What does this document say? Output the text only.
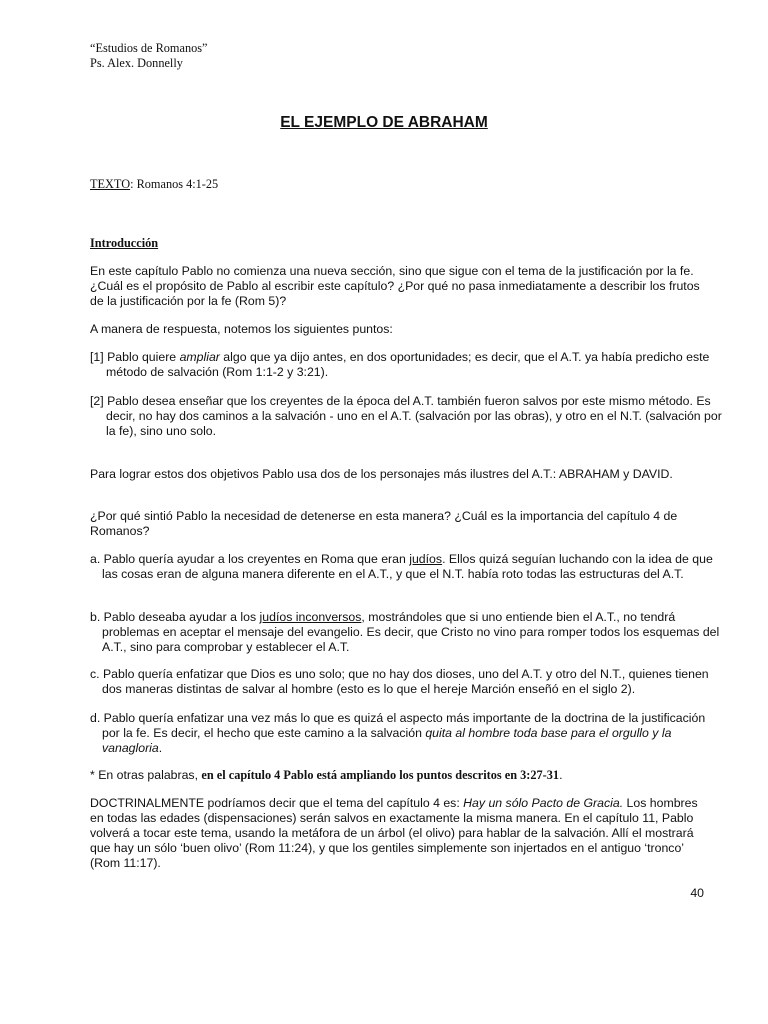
“Estudios de Romanos”
Ps. Alex. Donnelly
EL EJEMPLO DE ABRAHAM
TEXTO: Romanos 4:1-25
Introducción

En este capítulo Pablo no comienza una nueva sección, sino que sigue con el tema de la justificación por la fe. ¿Cuál es el propósito de Pablo al escribir este capítulo? ¿Por qué no pasa inmediatamente a describir los frutos de la justificación por la fe (Rom 5)?

A manera de respuesta, notemos los siguientes puntos:

[1] Pablo quiere ampliar algo que ya dijo antes, en dos oportunidades; es decir, que el A.T. ya había predicho este método de salvación (Rom 1:1-2 y 3:21).

[2] Pablo desea enseñar que los creyentes de la época del A.T. también fueron salvos por este mismo método. Es decir, no hay dos caminos a la salvación - uno en el A.T. (salvación por las obras), y otro en el N.T. (salvación por la fe), sino uno solo.

Para lograr estos dos objetivos Pablo usa dos de los personajes más ilustres del A.T.: ABRAHAM y DAVID.

¿Por qué sintió Pablo la necesidad de detenerse en esta manera? ¿Cuál es la importancia del capítulo 4 de Romanos?

a. Pablo quería ayudar a los creyentes en Roma que eran judíos. Ellos quizá seguían luchando con la idea de que las cosas eran de alguna manera diferente en el A.T., y que el N.T. había roto todas las estructuras del A.T.

b. Pablo deseaba ayudar a los judíos inconversos, mostrándoles que si uno entiende bien el A.T., no tendrá problemas en aceptar el mensaje del evangelio. Es decir, que Cristo no vino para romper todos los esquemas del A.T., sino para comprobar y establecer el A.T.

c. Pablo quería enfatizar que Dios es uno solo; que no hay dos dioses, uno del A.T. y otro del N.T., quienes tienen dos maneras distintas de salvar al hombre (esto es lo que el hereje Marción enseñó en el siglo 2).

d. Pablo quería enfatizar una vez más lo que es quizá el aspecto más importante de la doctrina de la justificación por la fe. Es decir, el hecho que este camino a la salvación quita al hombre toda base para el orgullo y la vanagloria.

* En otras palabras, en el capítulo 4 Pablo está ampliando los puntos descritos en 3:27-31.

DOCTRINALMENTE podríamos decir que el tema del capítulo 4 es: Hay un sólo Pacto de Gracia. Los hombres en todas las edades (dispensaciones) serán salvos en exactamente la misma manera. En el capítulo 11, Pablo volverá a tocar este tema, usando la metáfora de un árbol (el olivo) para hablar de la salvación. Allí el mostrará que hay un sólo ‘buen olivo’ (Rom 11:24), y que los gentiles simplemente son injertados en el antiguo ‘tronco’ (Rom 11:17).

40
